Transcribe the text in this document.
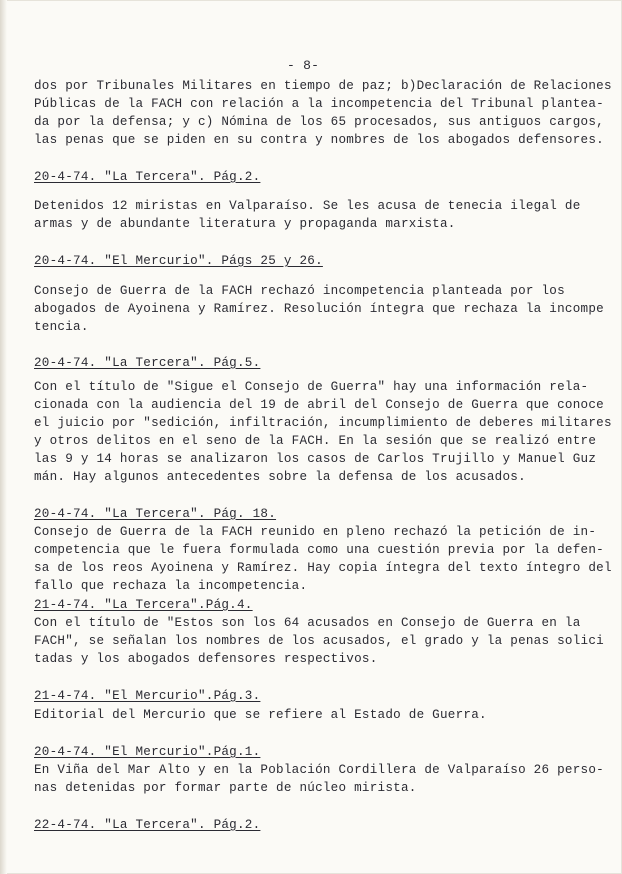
- 8-
dos por Tribunales Militares en tiempo de paz; b)Declaración de Relaciones
Públicas de la FACH con relación a la incompetencia del Tribunal plantea-
da por la defensa; y c) Nómina de los 65 procesados, sus antiguos cargos,
las penas que se piden en su contra y nombres de los abogados defensores.
20-4-74. "La Tercera". Pág.2.
Detenidos 12 miristas en Valparaíso. Se les acusa de tenecia ilegal de
armas y de abundante literatura y propaganda marxista.
20-4-74. "El Mercurio". Págs 25 y 26.
Consejo de Guerra de la FACH rechazó incompetencia planteada por los
abogados de Ayoinena y Ramírez. Resolución íntegra que rechaza la incompe
tencia.
20-4-74. "La Tercera". Pág.5.
Con el título de "Sigue el Consejo de Guerra" hay una información rela-
cionada con la audiencia del 19 de abril del Consejo de Guerra que conoce
el juicio por "sedición, infiltración, incumplimiento de deberes militares
y otros delitos en el seno de la FACH. En la sesión que se realizó entre
las 9 y 14 horas se analizaron los casos de Carlos Trujillo y Manuel Guz
mán. Hay algunos antecedentes sobre la defensa de los acusados.
20-4-74. "La Tercera". Pág. 18.
Consejo de Guerra de la FACH reunido en pleno rechazó la petición de in-
competencia que le fuera formulada como una cuestión previa por la defen-
sa de los reos Ayoinena y Ramírez. Hay copia íntegra del texto íntegro del
fallo que rechaza la incompetencia.
21-4-74. "La Tercera".Pág.4.
Con el título de "Estos son los 64 acusados en Consejo de Guerra en la
FACH", se señalan los nombres de los acusados, el grado y la penas solici
tadas y los abogados defensores respectivos.
21-4-74. "El Mercurio".Pág.3.
Editorial del Mercurio que se refiere al Estado de Guerra.
20-4-74. "El Mercurio".Pág.1.
En Viña del Mar Alto y en la Población Cordillera de Valparaíso 26 perso-
nas detenidas por formar parte de núcleo mirista.
22-4-74. "La Tercera". Pág.2.
